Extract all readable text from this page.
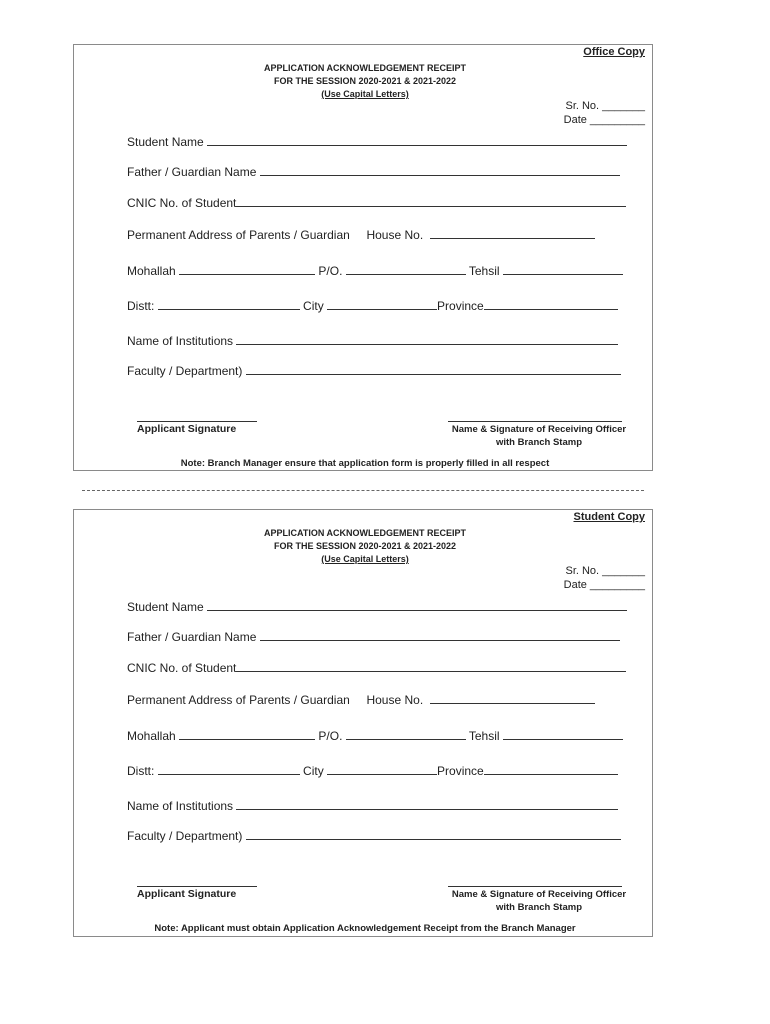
Office Copy
APPLICATION ACKNOWLEDGEMENT RECEIPT
FOR THE SESSION 2020-2021 & 2021-2022
(Use Capital Letters)
Sr. No. _______
Date _________
Student Name
Father / Guardian Name
CNIC No. of Student
Permanent Address of Parents / Guardian House No.
Mohallah	P/O.	Tehsil
Distt:	City	Province
Name of Institutions
Faculty / Department)
Applicant Signature	Name & Signature of Receiving Officer
with Branch Stamp
Note: Branch Manager ensure that application form is properly filled in all respect
Student Copy
APPLICATION ACKNOWLEDGEMENT RECEIPT
FOR THE SESSION 2020-2021 & 2021-2022
(Use Capital Letters)
Sr. No. _______
Date _________
Student Name
Father / Guardian Name
CNIC No. of Student
Permanent Address of Parents / Guardian House No.
Mohallah	P/O.	Tehsil
Distt:	City	Province
Name of Institutions
Faculty / Department)
Applicant Signature	Name & Signature of Receiving Officer
with Branch Stamp
Note: Applicant must obtain Application Acknowledgement Receipt from the Branch Manager
